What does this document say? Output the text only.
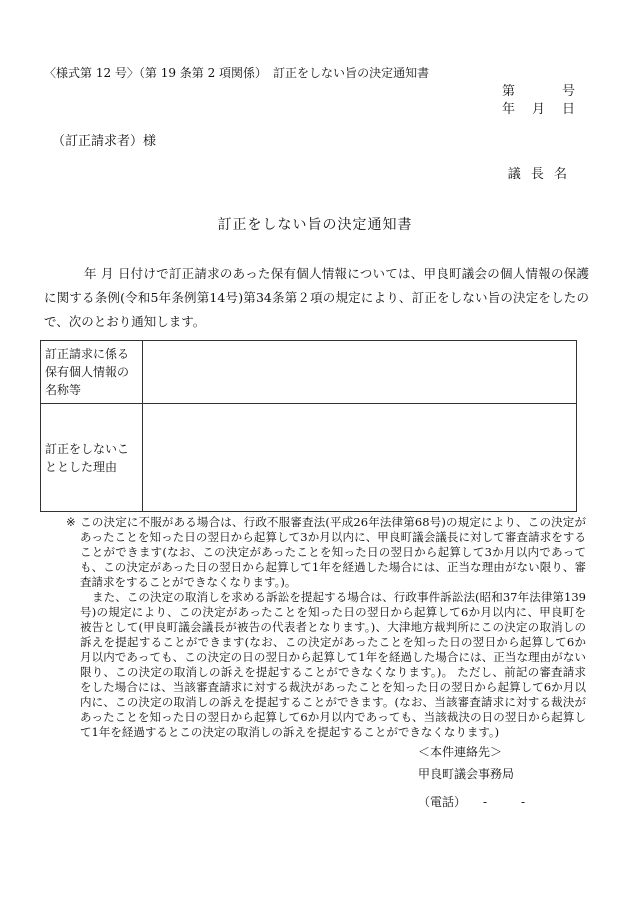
〈様式第 12 号〉（第 19 条第 2 項関係）　訂正をしない旨の決定通知書
第　　　号
年　月　日
（訂正請求者）様
議 長 名
訂正をしない旨の決定通知書
年 月 日付けで訂正請求のあった保有個人情報については、甲良町議会の個人情報の保護に関する条例(令和5年条例第14号)第34条第２項の規定により、訂正をしない旨の決定をしたので、次のとおり通知します。
訂正請求に係る保有個人情報の名称等	
訂正をしないこととした理由	

※ この決定に不服がある場合は、行政不服審査法(平成26年法律第68号)の規定により、この決定があったことを知った日の翌日から起算して3か月以内に、甲良町議会議長に対して審査請求をすることができます(なお、この決定があったことを知った日の翌日から起算して3か月以内であっても、この決定があった日の翌日から起算して1年を経過した場合には、正当な理由がない限り、審査請求をすることができなくなります。)。

また、この決定の取消しを求める訴訟を提起する場合は、行政事件訴訟法(昭和37年法律第139号)の規定により、この決定があったことを知った日の翌日から起算して6か月以内に、甲良町を被告として(甲良町議会議長が被告の代表者となります。)、大津地方裁判所にこの決定の取消しの訴えを提起することができます(なお、この決定があったことを知った日の翌日から起算して6か月以内であっても、この決定の日の翌日から起算して1年を経過した場合には、正当な理由がない限り、この決定の取消しの訴えを提起することができなくなります。)。 ただし、前記の審査請求をした場合には、当該審査請求に対する裁決があったことを知った日の翌日から起算して6か月以内に、この決定の取消しの訴えを提起することができます。(なお、当該審査請求に対する裁決があったことを知った日の翌日から起算して6か月以内であっても、当該裁決の日の翌日から起算して1年を経過するとこの決定の取消しの訴えを提起することができなくなります。)

＜本件連絡先＞
甲良町議会事務局
（電話） -	-
